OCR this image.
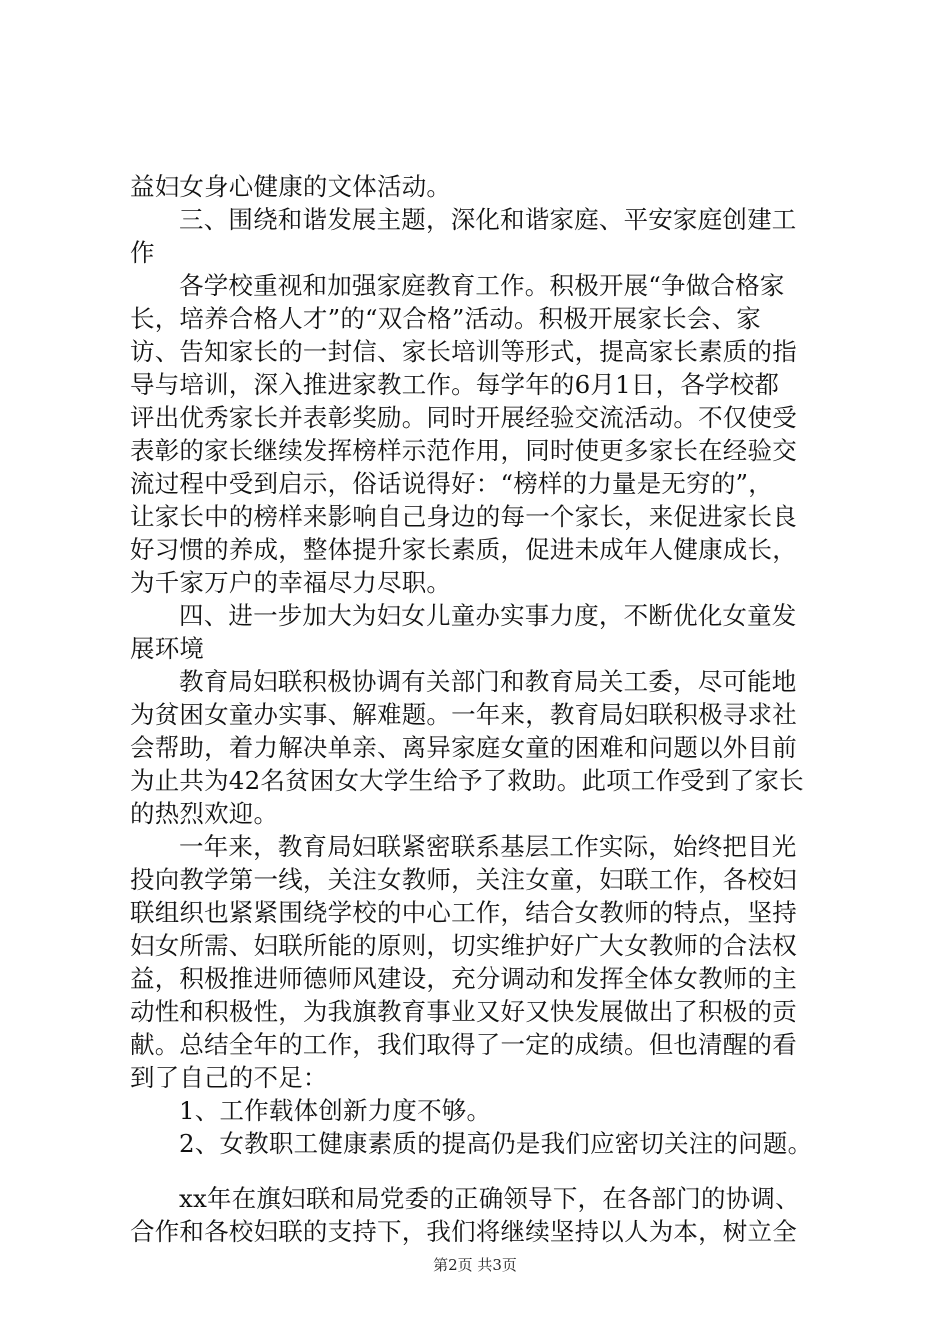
益妇女身心健康的文体活动。
三、围绕和谐发展主题，深化和谐家庭、平安家庭创建工
作
各学校重视和加强家庭教育工作。积极开展“争做合格家
长，培养合格人才”的“双合格”活动。积极开展家长会、家
访、告知家长的一封信、家长培训等形式，提高家长素质的指
导与培训，深入推进家教工作。每学年的6月1日，各学校都
评出优秀家长并表彰奖励。同时开展经验交流活动。不仅使受
表彰的家长继续发挥榜样示范作用，同时使更多家长在经验交
流过程中受到启示，俗话说得好：“榜样的力量是无穷的”，
让家长中的榜样来影响自己身边的每一个家长，来促进家长良
好习惯的养成，整体提升家长素质，促进未成年人健康成长，
为千家万户的幸福尽力尽职。
四、进一步加大为妇女儿童办实事力度，不断优化女童发
展环境
教育局妇联积极协调有关部门和教育局关工委，尽可能地
为贫困女童办实事、解难题。一年来，教育局妇联积极寻求社
会帮助，着力解决单亲、离异家庭女童的困难和问题以外目前
为止共为42名贫困女大学生给予了救助。此项工作受到了家长
的热烈欢迎。
一年来，教育局妇联紧密联系基层工作实际，始终把目光
投向教学第一线，关注女教师，关注女童，妇联工作，各校妇
联组织也紧紧围绕学校的中心工作，结合女教师的特点，坚持
妇女所需、妇联所能的原则，切实维护好广大女教师的合法权
益，积极推进师德师风建设，充分调动和发挥全体女教师的主
动性和积极性，为我旗教育事业又好又快发展做出了积极的贡
献。总结全年的工作，我们取得了一定的成绩。但也清醒的看
到了自己的不足：
1、工作载体创新力度不够。
2、女教职工健康素质的提高仍是我们应密切关注的问题。
xx年在旗妇联和局党委的正确领导下，在各部门的协调、
合作和各校妇联的支持下，我们将继续坚持以人为本，树立全
第2页 共3页
